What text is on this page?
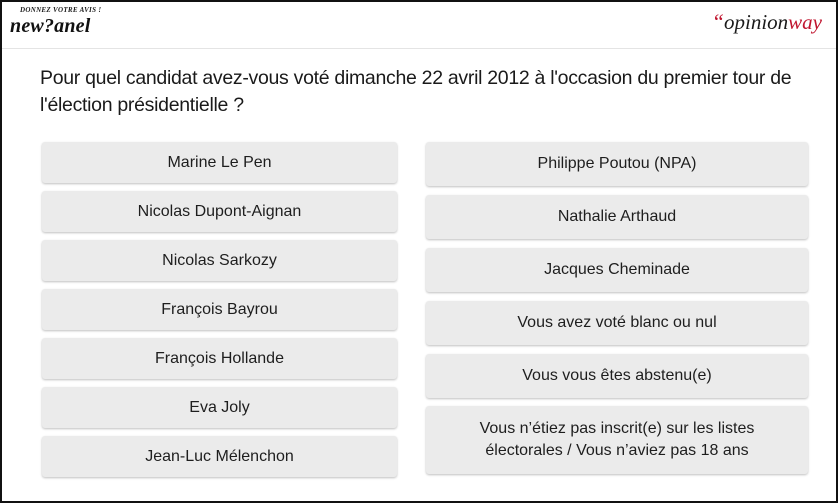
DONNEZ VOTRE AVIS !
new?anel	“opinionway
Pour quel candidat avez-vous voté dimanche 22 avril 2012 à l'occasion du premier tour de l'élection présidentielle ?
Marine Le Pen
Nicolas Dupont-Aignan
Nicolas Sarkozy
François Bayrou
François Hollande
Eva Joly
Jean-Luc Mélenchon
Philippe Poutou (NPA)
Nathalie Arthaud
Jacques Cheminade
Vous avez voté blanc ou nul
Vous vous êtes abstenu(e)
Vous n’étiez pas inscrit(e) sur les listes électorales / Vous n’aviez pas 18 ans
